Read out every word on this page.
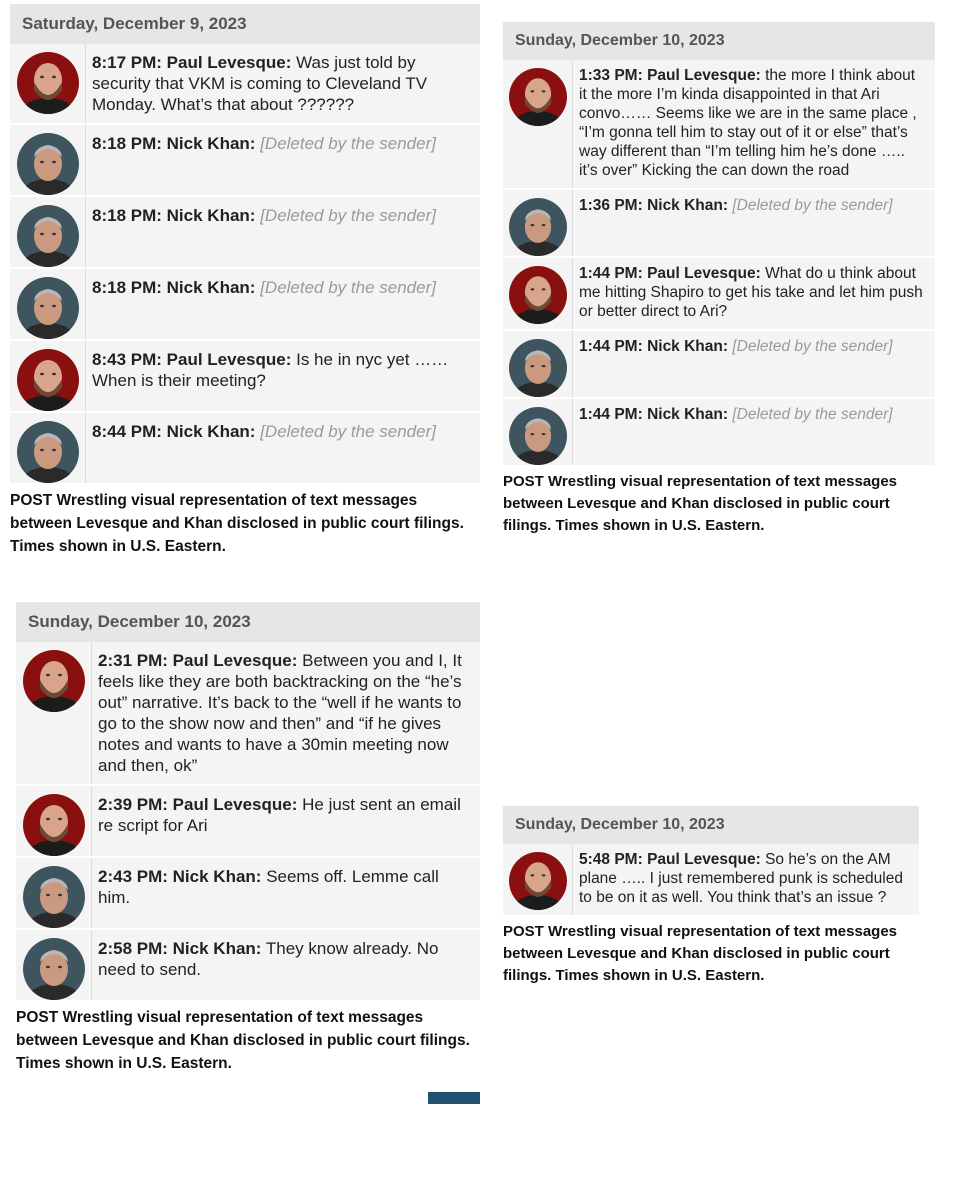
Saturday, December 9, 2023
8:17 PM: Paul Levesque: Was just told by security that VKM is coming to Cleveland TV Monday. What’s that about ??????
8:18 PM: Nick Khan: [Deleted by the sender]
8:18 PM: Nick Khan: [Deleted by the sender]
8:18 PM: Nick Khan: [Deleted by the sender]
8:43 PM: Paul Levesque: Is he in nyc yet …… When is their meeting?
8:44 PM: Nick Khan: [Deleted by the sender]
POST Wrestling visual representation of text messages between Levesque and Khan disclosed in public court filings. Times shown in U.S. Eastern.
Sunday, December 10, 2023
1:33 PM: Paul Levesque: the more I think about it the more I’m kinda disappointed in that Ari convo…… Seems like we are in the same place , “I’m gonna tell him to stay out of it or else” that’s way different than “I’m telling him he’s done ….. it’s over” Kicking the can down the road
1:36 PM: Nick Khan: [Deleted by the sender]
1:44 PM: Paul Levesque: What do u think about me hitting Shapiro to get his take and let him push or better direct to Ari?
1:44 PM: Nick Khan: [Deleted by the sender]
1:44 PM: Nick Khan: [Deleted by the sender]
POST Wrestling visual representation of text messages between Levesque and Khan disclosed in public court filings. Times shown in U.S. Eastern.
Sunday, December 10, 2023
2:31 PM: Paul Levesque: Between you and I, It feels like they are both backtracking on the “he’s out” narrative. It’s back to the “well if he wants to go to the show now and then” and “if he gives notes and wants to have a 30min meeting now and then, ok”
2:39 PM: Paul Levesque: He just sent an email re script for Ari
2:43 PM: Nick Khan: Seems off. Lemme call him.
2:58 PM: Nick Khan: They know already. No need to send.
POST Wrestling visual representation of text messages between Levesque and Khan disclosed in public court filings. Times shown in U.S. Eastern.
Sunday, December 10, 2023
5:48 PM: Paul Levesque: So he’s on the AM plane ….. I just remembered punk is scheduled to be on it as well. You think that’s an issue ?
POST Wrestling visual representation of text messages between Levesque and Khan disclosed in public court filings. Times shown in U.S. Eastern.
